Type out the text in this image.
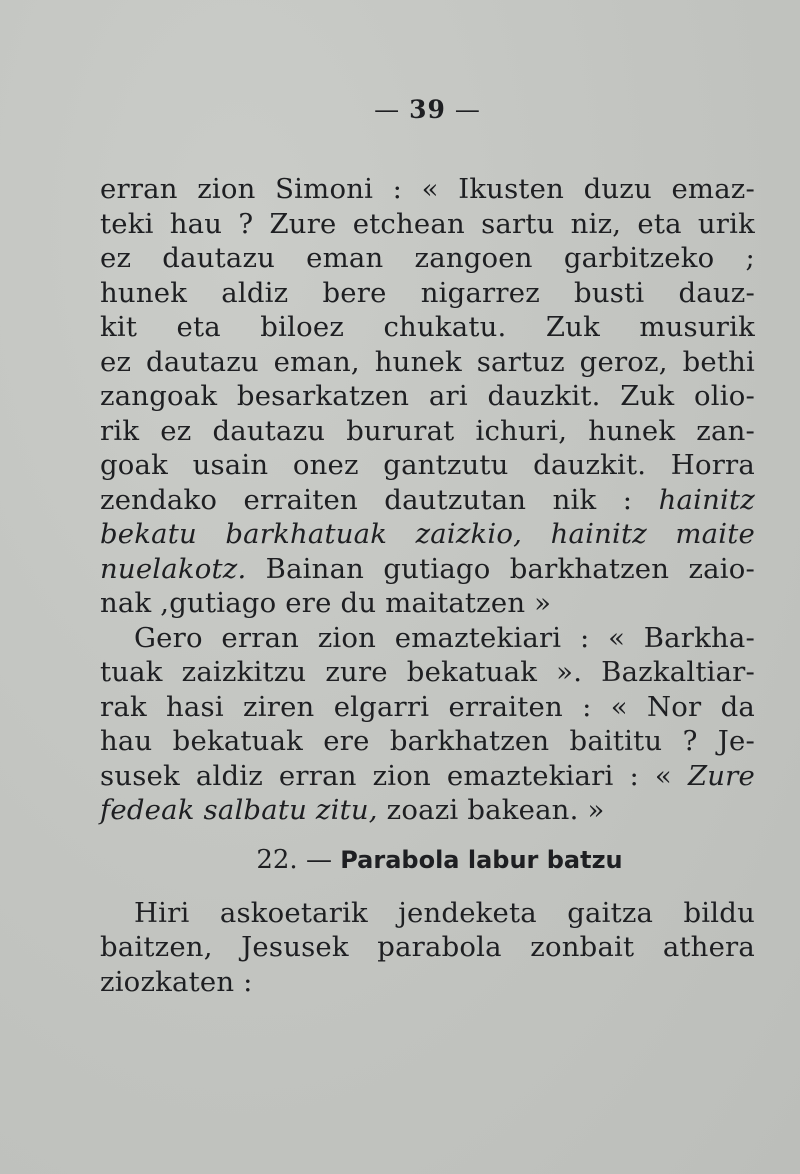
— 39 —
erran zion Simoni : « Ikusten duzu emaz-
teki hau ? Zure etchean sartu niz, eta urik
ez dautazu eman zangoen garbitzeko ;
hunek aldiz bere nigarrez busti dauz-
kit eta biloez chukatu. Zuk musurik
ez dautazu eman, hunek sartuz geroz, bethi
zangoak besarkatzen ari dauzkit. Zuk olio-
rik ez dautazu bururat ichuri, hunek zan-
goak usain onez gantzutu dauzkit. Horra
zendako erraiten dautzutan nik : hainitz
bekatu barkhatuak zaizkio, hainitz maite
nuelakotz. Bainan gutiago barkhatzen zaio-
nak ,gutiago ere du maitatzen »
Gero erran zion emaztekiari : « Barkha-
tuak zaizkitzu zure bekatuak ». Bazkaltiar-
rak hasi ziren elgarri erraiten : « Nor da
hau bekatuak ere barkhatzen baititu ? Je-
susek aldiz erran zion emaztekiari : « Zure
fedeak salbatu zitu, zoazi bakean. »
22. — Parabola labur batzu
Hiri askoetarik jendeketa gaitza bildu
baitzen, Jesusek parabola zonbait athera
ziozkaten :
